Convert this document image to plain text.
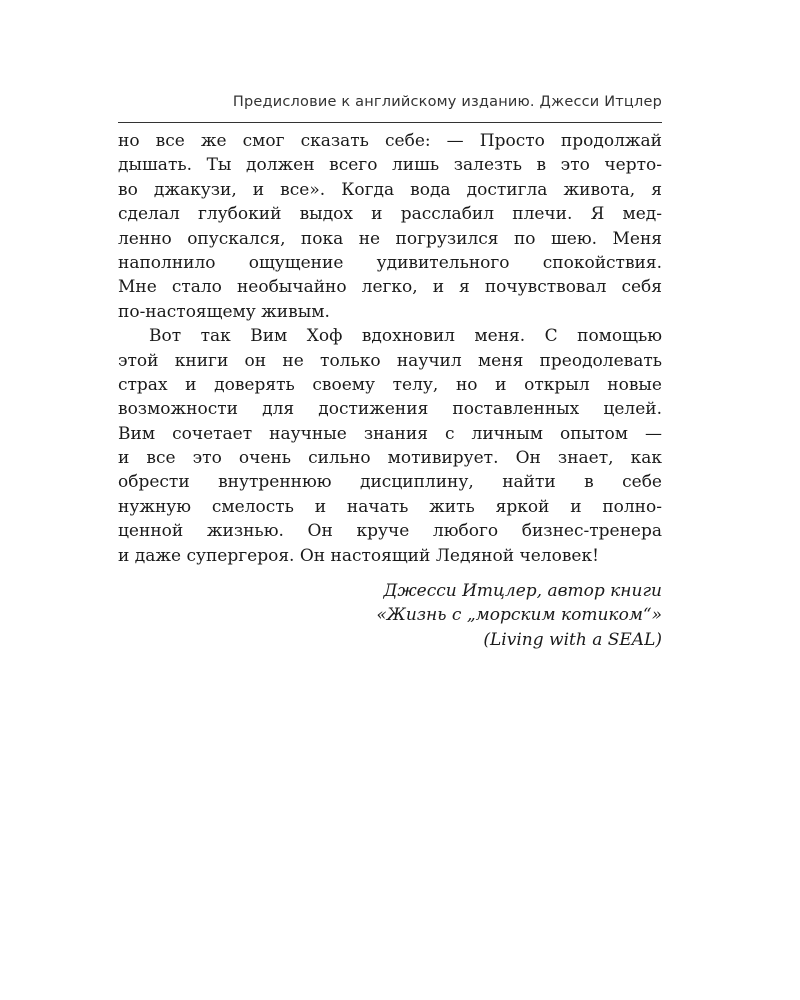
Предисловие к английскому изданию. Джесси Итцлер
но все же смог сказать себе: — Просто продолжай
дышать. Ты должен всего лишь залезть в это черто-
во джакузи, и все». Когда вода достигла живота, я
сделал глубокий выдох и расслабил плечи. Я мед-
ленно опускался, пока не погрузился по шею. Меня
наполнило ощущение удивительного спокойствия.
Мне стало необычайно легко, и я почувствовал себя
по-настоящему живым.
Вот так Вим Хоф вдохновил меня. С помощью
этой книги он не только научил меня преодолевать
страх и доверять своему телу, но и открыл новые
возможности для достижения поставленных целей.
Вим сочетает научные знания с личным опытом —
и все это очень сильно мотивирует. Он знает, как
обрести внутреннюю дисциплину, найти в себе
нужную смелость и начать жить яркой и полно-
ценной жизнью. Он круче любого бизнес-тренера
и даже супергероя. Он настоящий Ледяной человек!
Джесси Итцлер, автор книги
«Жизнь с „морским котиком“»
(Living with a SEAL)
